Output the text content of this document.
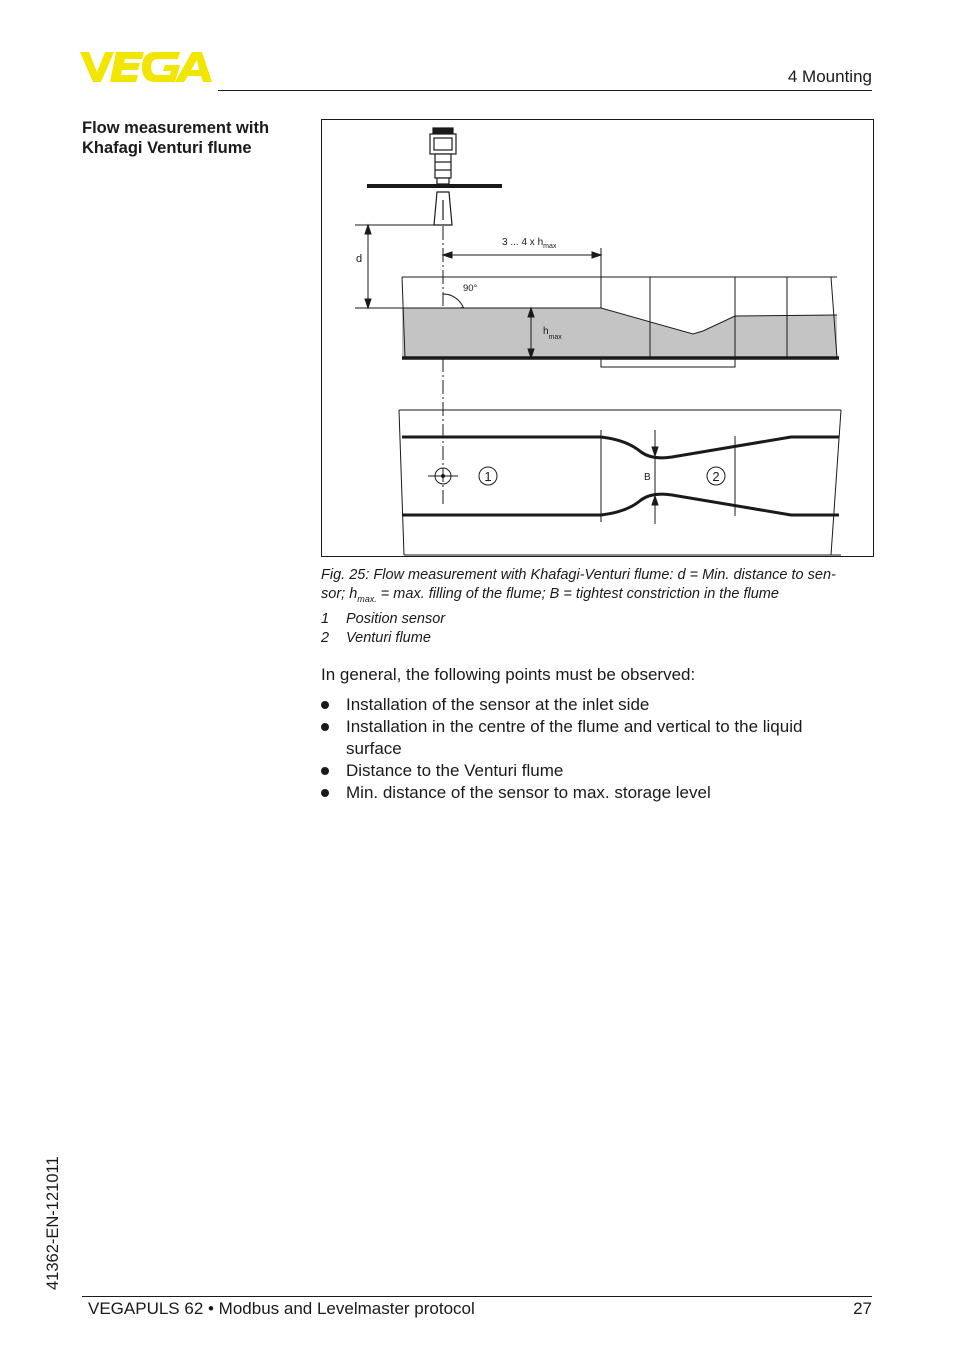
4 Mounting
Flow measurement with Khafagi Venturi flume
d
3 ... 4 x $h_{max}$
90°
$h_{max}$
B
1	2
Fig. 25: Flow measurement with Khafagi-Venturi flume: d = Min. distance to sen-
sor; $h_{max.} = \max$. filling of the flume; B = tightest constriction in the flume
1	Position sensor
2	Venturi flume
In general, the following points must be observed:
Installation of the sensor at the inlet side
Installation in the centre of the flume and vertical to the liquid surface
Distance to the Venturi flume
Min. distance of the sensor to max. storage level
41362-EN-121011
VEGAPULS 62 • Modbus and Levelmaster protocol	27
